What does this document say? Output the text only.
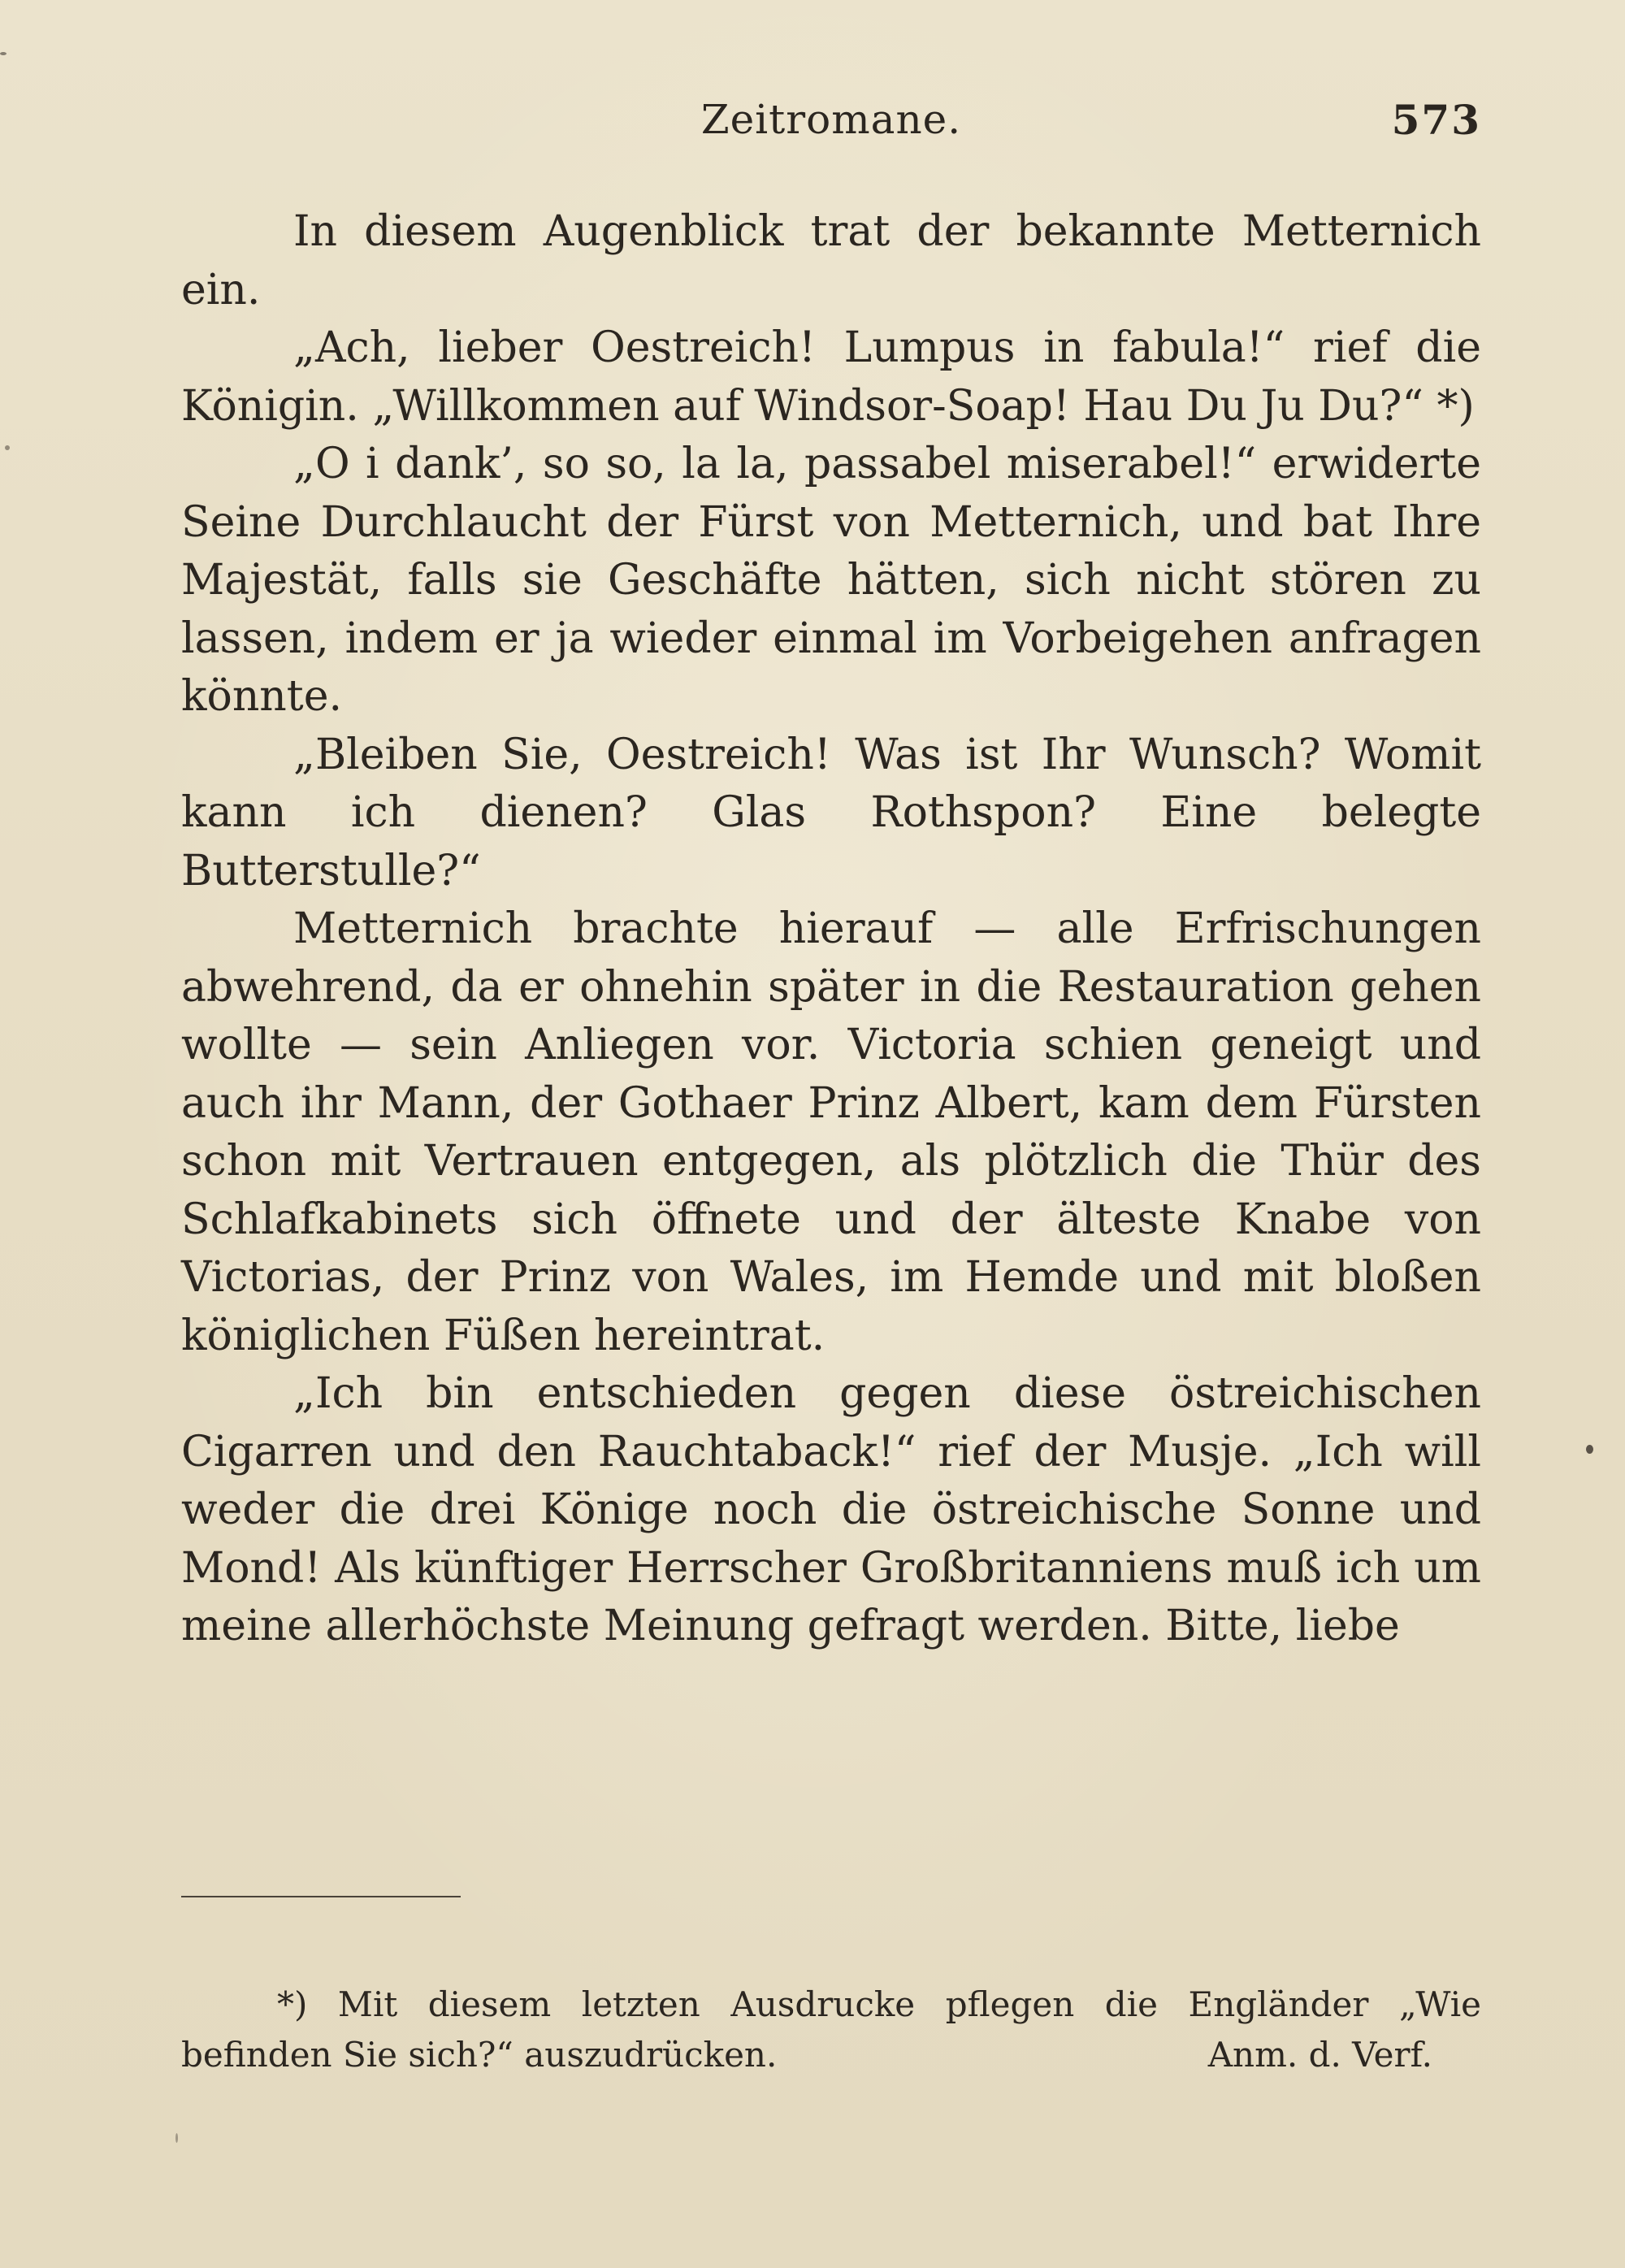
Zeitromane.	573

In diesem Augenblick trat der bekannte Metternich ein.

„Ach, lieber Oestreich! Lumpus in fabula!“ rief die Königin. „Willkommen auf Windsor-Soap! Hau Du Ju Du?“ *)

„O i dank’, so so, la la, passabel miserabel!“ erwiderte Seine Durchlaucht der Fürst von Metternich, und bat Ihre Majestät, falls sie Geschäfte hätten, sich nicht stören zu lassen, indem er ja wieder einmal im Vorbeigehen anfragen könnte.

„Bleiben Sie, Oestreich! Was ist Ihr Wunsch? Womit kann ich dienen? Glas Rothspon? Eine belegte Butterstulle?“

Metternich brachte hierauf — alle Erfrischungen abwehrend, da er ohnehin später in die Restauration gehen wollte — sein Anliegen vor. Victoria schien geneigt und auch ihr Mann, der Gothaer Prinz Albert, kam dem Fürsten schon mit Vertrauen entgegen, als plötzlich die Thür des Schlafkabinets sich öffnete und der älteste Knabe von Victorias, der Prinz von Wales, im Hemde und mit bloßen königlichen Füßen hereintrat.

„Ich bin entschieden gegen diese östreichischen Cigarren und den Rauchtaback!“ rief der Musje. „Ich will weder die drei Könige noch die östreichische Sonne und Mond! Als künftiger Herrscher Großbritanniens muß ich um meine allerhöchste Meinung gefragt werden. Bitte, liebe

*) Mit diesem letzten Ausdrucke pflegen die Engländer „Wie befinden Sie sich?“ auszudrücken.	Anm. d. Verf.
